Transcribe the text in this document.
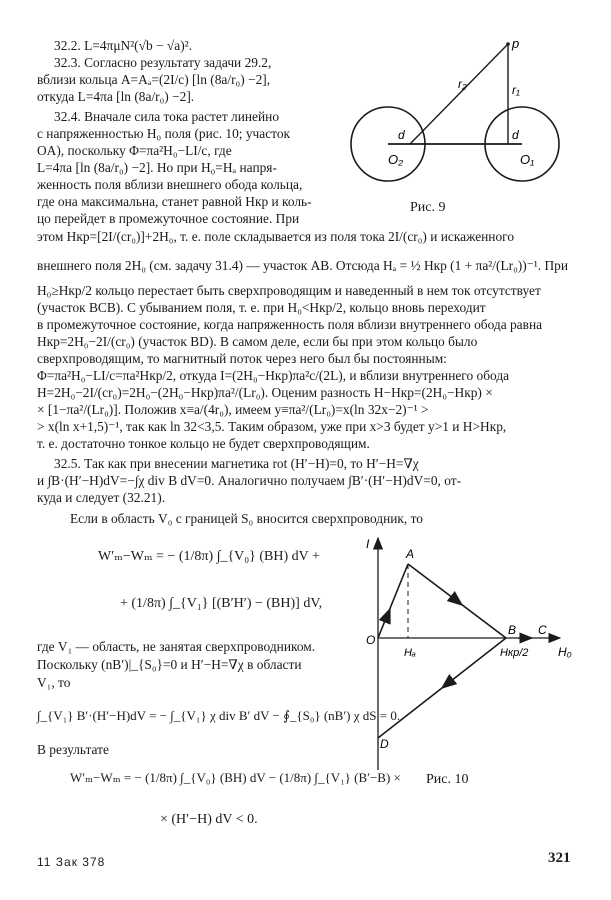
32.2. L=4πμN²(√b − √a)².
32.3. Согласно результату задачи 29.2,
вблизи кольца A=Aₐ=(2I/c) [ln (8a/r₀) −2],
откуда L=4πa [ln (8a/r₀) −2].
32.4. Вначале сила тока растет линейно
с напряженностью H₀ поля (рис. 10; участок
OA), поскольку Φ=πa²H₀−LI/c, где
L=4πa [ln (8a/r₀) −2]. Но при H₀=Hₐ напря-
женность поля вблизи внешнего обода кольца,
где она максимальна, станет равной Hкр и коль-
цо перейдет в промежуточное состояние. При
p
r₂	r₁
d	d
O₂	O₁
Рис. 9
этом Hкр=[2I/(cr₀)]+2H₀, т. е. поле складывается из поля тока 2I/(cr₀) и искаженного
внешнего поля 2H₀ (см. задачу 31.4) — участок AB. Отсюда Hₐ = ½ Hкр (1 + πa²/(Lr₀))⁻¹. При
H₀≥Hкр/2 кольцо перестает быть сверхпроводящим и наведенный в нем ток отсутствует
(участок BCB). С убыванием поля, т. е. при H₀<Hкр/2, кольцо вновь переходит
в промежуточное состояние, когда напряженность поля вблизи внутреннего обода равна
Hкр=2H₀−2I/(cr₀) (участок BD). В самом деле, если бы при этом кольцо было
сверхпроводящим, то магнитный поток через него был бы постоянным:
Φ=πa²H₀−LI/c=πa²Hкр/2, откуда I=(2H₀−Hкр)πa²c/(2L), и вблизи внутреннего обода
H=2H₀−2I/(cr₀)=2H₀−(2H₀−Hкр)πa²/(Lr₀). Оценим разность H−Hкр=(2H₀−Hкр) ×
× [1−πa²/(Lr₀)]. Положив x≡a/(4r₀), имеем y≡πa²/(Lr₀)=x(ln 32x−2)⁻¹ >
> x(ln x+1,5)⁻¹, так как ln 32<3,5. Таким образом, уже при x>3 будет y>1 и H>Hкр,
т. е. достаточно тонкое кольцо не будет сверхпроводящим.
32.5. Так как при внесении магнетика rot (H′−H)=0, то H′−H=∇χ
и ∫B·(H′−H)dV=−∫χ div B dV=0. Аналогично получаем ∫B′·(H′−H)dV=0, от-
куда и следует (32.21).
Если в область V₀ с границей S₀ вносится сверхпроводник, то
W′ₘ−Wₘ = − (1/8π) ∫_{V₀} (BH) dV +
+ (1/8π) ∫_{V₁} [(B′H′) − (BH)] dV,
где V₁ — область, не занятая сверхпроводником.
Поскольку (nB′)|_{S₀}=0 и H′−H=∇χ в области
V₁, то
∫_{V₁} B′·(H′−H)dV = − ∫_{V₁} χ div B′ dV − ∮_{S₀} (nB′) χ dS = 0.
В результате
W′ₘ−Wₘ = − (1/8π) ∫_{V₀} (BH) dV − (1/8π) ∫_{V₁} (B′−B) ×
× (H′−H) dV < 0.
I
A
O
Hₐ
B C
H₀
Hкр/2
D
Рис. 10
11 Зак 378	321
